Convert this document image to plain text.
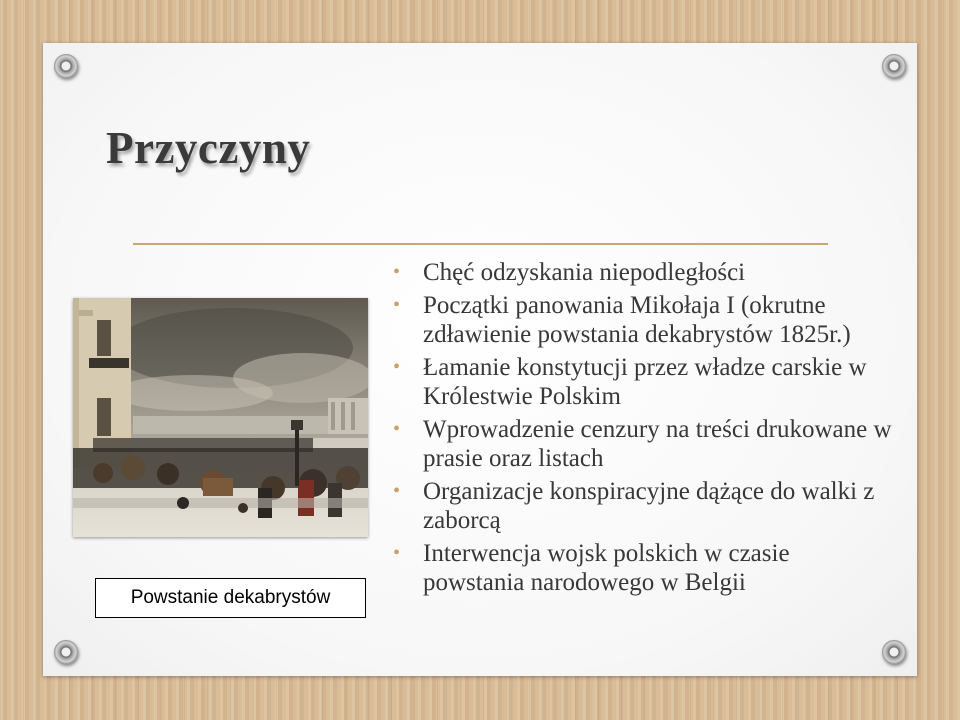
Przyczyny
Powstanie dekabrystów
• Chęć odzyskania niepodległości
• Początki panowania Mikołaja I (okrutne zdławienie powstania dekabrystów 1825r.)
• Łamanie konstytucji przez władze carskie w Królestwie Polskim
• Wprowadzenie cenzury na treści drukowane w prasie oraz listach
• Organizacje konspiracyjne dążące do walki z zaborcą
• Interwencja wojsk polskich w czasie powstania narodowego w Belgii
